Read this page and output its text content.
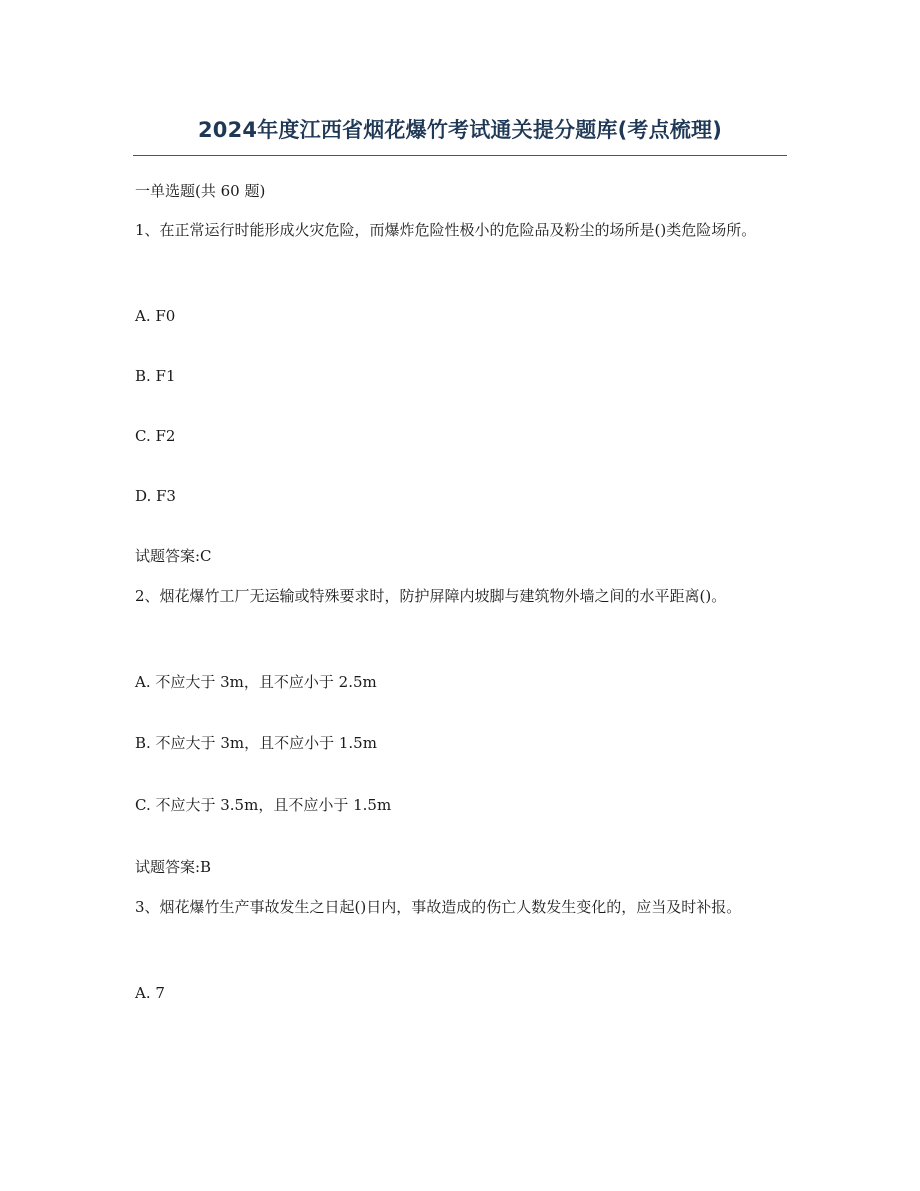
2024年度江西省烟花爆竹考试通关提分题库(考点梳理)
一单选题(共 60 题)
1、在正常运行时能形成火灾危险，而爆炸危险性极小的危险品及粉尘的场所是()类危险场所。
A. F0
B. F1
C. F2
D. F3
试题答案:C
2、烟花爆竹工厂无运输或特殊要求时，防护屏障内坡脚与建筑物外墙之间的水平距离()。
A. 不应大于 3m，且不应小于 2.5m
B. 不应大于 3m，且不应小于 1.5m
C. 不应大于 3.5m，且不应小于 1.5m
试题答案:B
3、烟花爆竹生产事故发生之日起()日内，事故造成的伤亡人数发生变化的，应当及时补报。
A. 7
